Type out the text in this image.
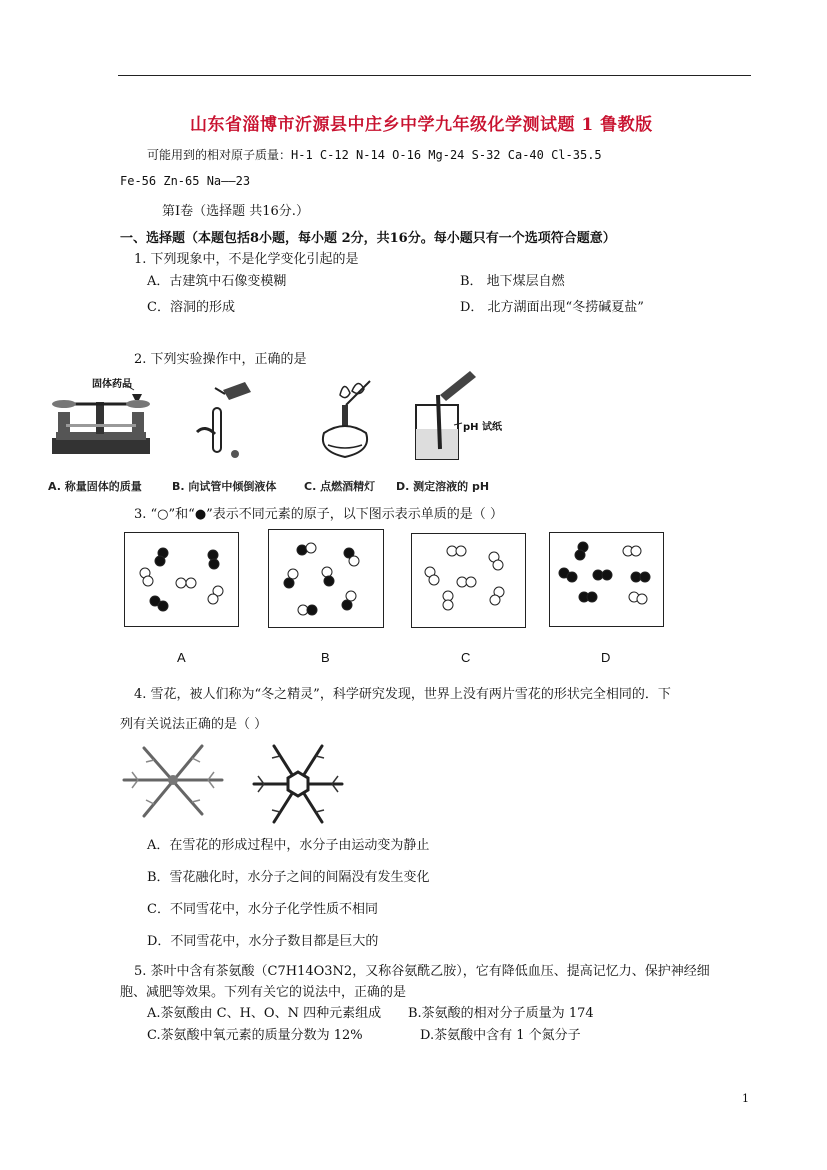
山东省淄博市沂源县中庄乡中学九年级化学测试题 1 鲁教版
可能用到的相对原子质量：H-1 C-12 N-14 O-16 Mg-24 S-32 Ca-40 Cl-35.5
Fe-56 Zn-65 Na——23
第Ⅰ卷（选择题 共16分.）
一、选择题（本题包括8小题，每小题 2分，共16分。每小题只有一个选项符合题意）
1. 下列现象中，不是化学变化引起的是
A．古建筑中石像变模糊	B． 地下煤层自燃
C．溶洞的形成	D． 北方湖面出现“冬捞碱夏盐”
2. 下列实验操作中，正确的是
固体药品
pH 试纸
A. 称量固体的质量	B. 向试管中倾倒液体	C. 点燃酒精灯 D. 测定溶液的 pH
3. “○”和“●”表示不同元素的原子，以下图示表示单质的是（ ）
A	B	C	D
4. 雪花，被人们称为“冬之精灵”，科学研究发现，世界上没有两片雪花的形状完全相同的．下
列有关说法正确的是（ ）
A．在雪花的形成过程中，水分子由运动变为静止
B．雪花融化时，水分子之间的间隔没有发生变化
C．不同雪花中，水分子化学性质不相同
D．不同雪花中，水分子数目都是巨大的
5. 茶叶中含有茶氨酸（C7H14O3N2，又称谷氨酰乙胺），它有降低血压、提高记忆力、保护神经细
胞、减肥等效果。下列有关它的说法中，正确的是
A.茶氨酸由 C、H、O、N 四种元素组成 B.茶氨酸的相对分子质量为 174
C.茶氨酸中氧元素的质量分数为 12%	D.茶氨酸中含有 1 个氮分子
1
